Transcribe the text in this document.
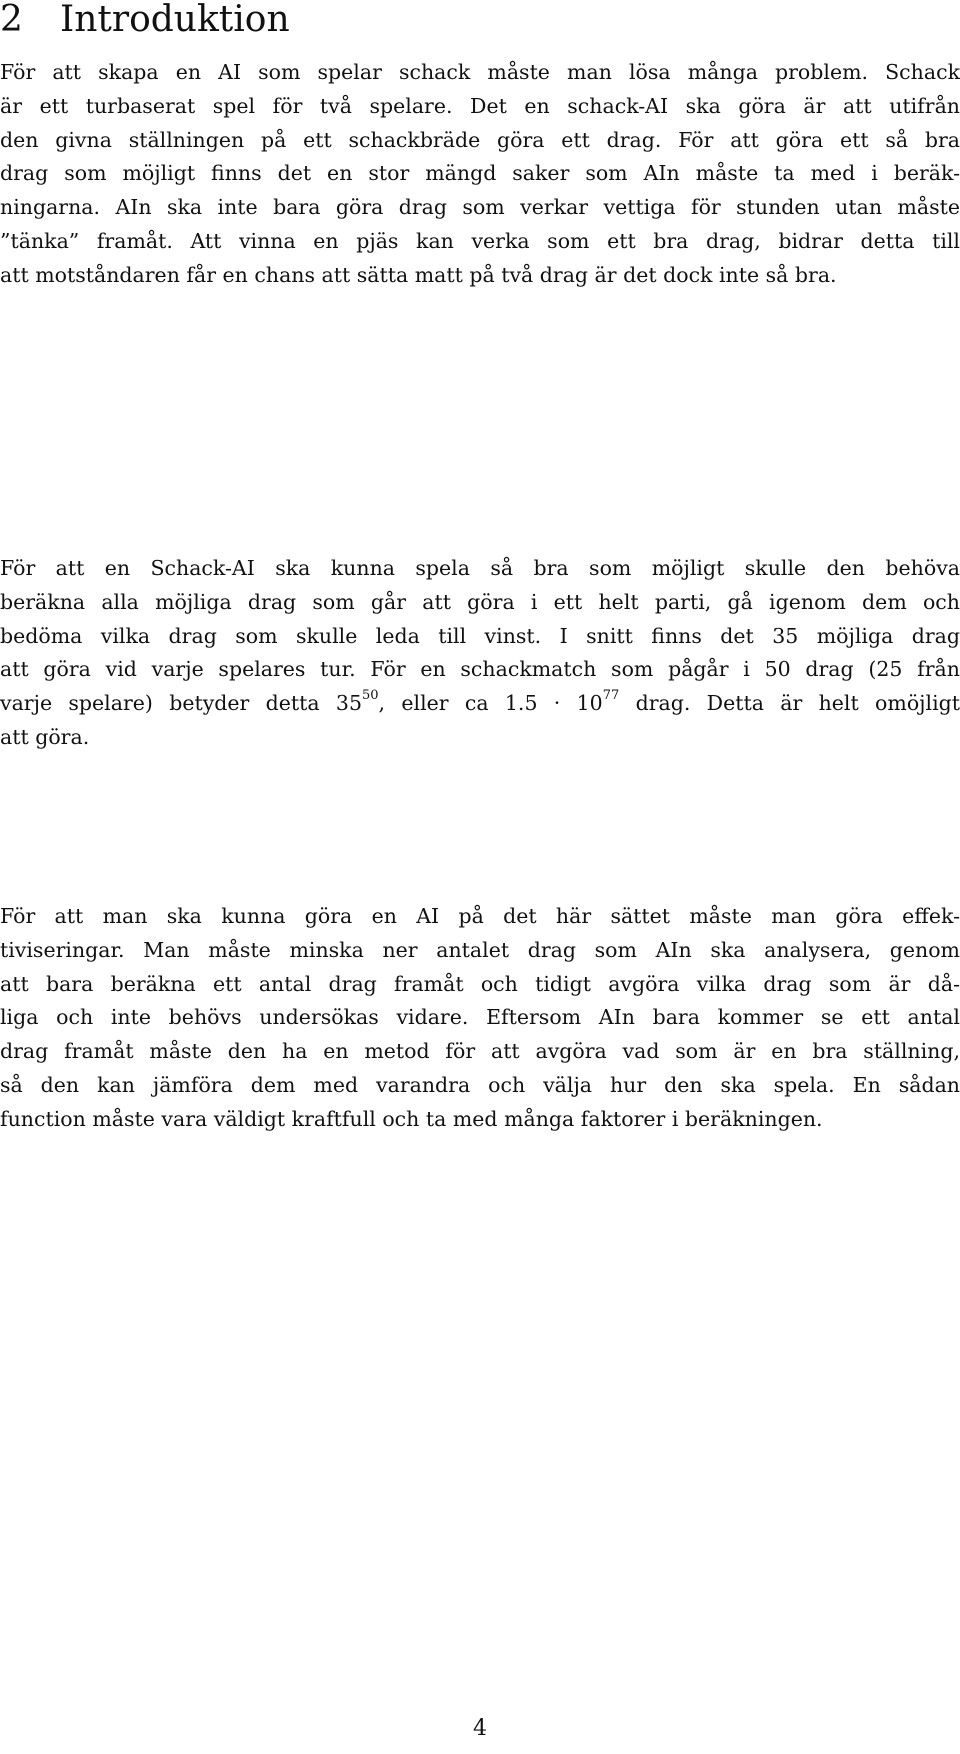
2 Introduktion
För att skapa en AI som spelar schack måste man lösa många problem. Schack
är ett turbaserat spel för två spelare. Det en schack-AI ska göra är att utifrån
den givna ställningen på ett schackbräde göra ett drag. För att göra ett så bra
drag som möjligt finns det en stor mängd saker som AIn måste ta med i beräk-
ningarna. AIn ska inte bara göra drag som verkar vettiga för stunden utan måste
”tänka” framåt. Att vinna en pjäs kan verka som ett bra drag, bidrar detta till
att motståndaren får en chans att sätta matt på två drag är det dock inte så bra.
För att en Schack-AI ska kunna spela så bra som möjligt skulle den behöva
beräkna alla möjliga drag som går att göra i ett helt parti, gå igenom dem och
bedöma vilka drag som skulle leda till vinst. I snitt finns det 35 möjliga drag
att göra vid varje spelares tur. För en schackmatch som pågår i 50 drag (25 från
varje spelare) betyder detta $35^{50}$, eller ca $1.5 \cdot 10^{77}$ drag. Detta är helt omöjligt
att göra.
För att man ska kunna göra en AI på det här sättet måste man göra effek-
tiviseringar. Man måste minska ner antalet drag som AIn ska analysera, genom
att bara beräkna ett antal drag framåt och tidigt avgöra vilka drag som är då-
liga och inte behövs undersökas vidare. Eftersom AIn bara kommer se ett antal
drag framåt måste den ha en metod för att avgöra vad som är en bra ställning,
så den kan jämföra dem med varandra och välja hur den ska spela. En sådan
function måste vara väldigt kraftfull och ta med många faktorer i beräkningen.
4
